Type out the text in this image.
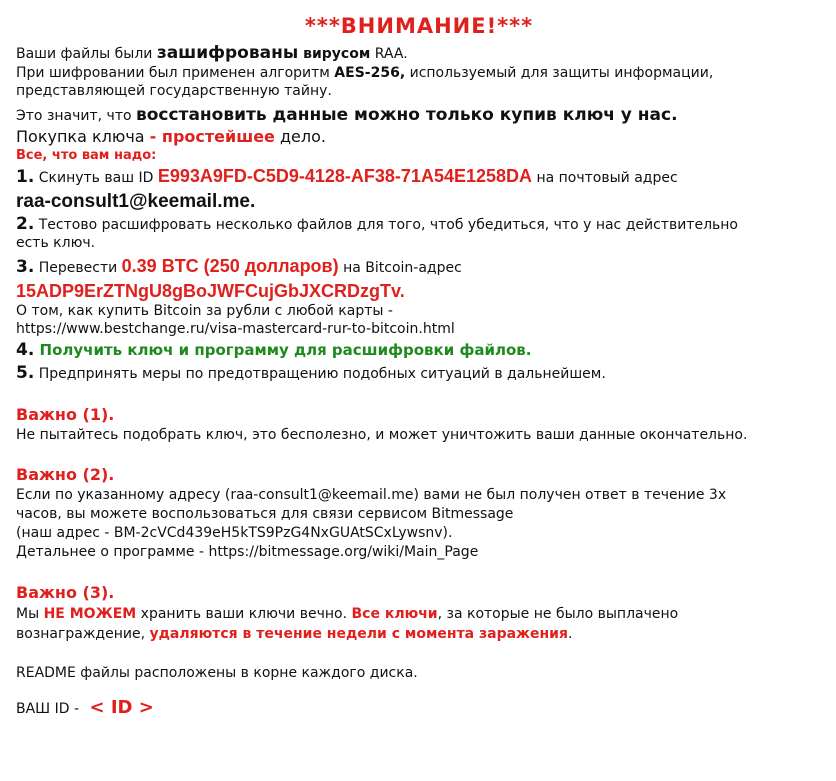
***ВНИМАНИЕ!***
Ваши файлы были зашифрованы вирусом RAA.
При шифровании был применен алгоритм AES-256, используемый для защиты информации,
представляющей государственную тайну.
Это значит, что восстановить данные можно только купив ключ у нас.
Покупка ключа - простейшее дело.
Все, что вам надо:
1. Скинуть ваш ID E993A9FD-C5D9-4128-AF38-71A54E1258DA на почтовый адрес
raa-consult1@keemail.me.
2. Тестово расшифровать несколько файлов для того, чтоб убедиться, что у нас действительно
есть ключ.
3. Перевести 0.39 BTC (250 долларов) на Bitcoin-адрес
15ADP9ErZTNgU8gBoJWFCujGbJXCRDzgTv.
О том, как купить Bitcoin за рубли с любой карты -
https://www.bestchange.ru/visa-mastercard-rur-to-bitcoin.html
4. Получить ключ и программу для расшифровки файлов.
5. Предпринять меры по предотвращению подобных ситуаций в дальнейшем.
Важно (1).
Не пытайтесь подобрать ключ, это бесполезно, и может уничтожить ваши данные окончательно.
Важно (2).
Если по указанному адресу (raa-consult1@keemail.me) вами не был получен ответ в течение 3х
часов, вы можете воспользоваться для связи сервисом Bitmessage
(наш адрес - BM-2cVCd439eH5kTS9PzG4NxGUAtSCxLywsnv).
Детальнее о программе - https://bitmessage.org/wiki/Main_Page
Важно (3).
Мы НЕ МОЖЕМ хранить ваши ключи вечно. Все ключи, за которые не было выплачено
вознаграждение, удаляются в течение недели с момента заражения.
README файлы расположены в корне каждого диска.
ВАШ ID - < ID >
